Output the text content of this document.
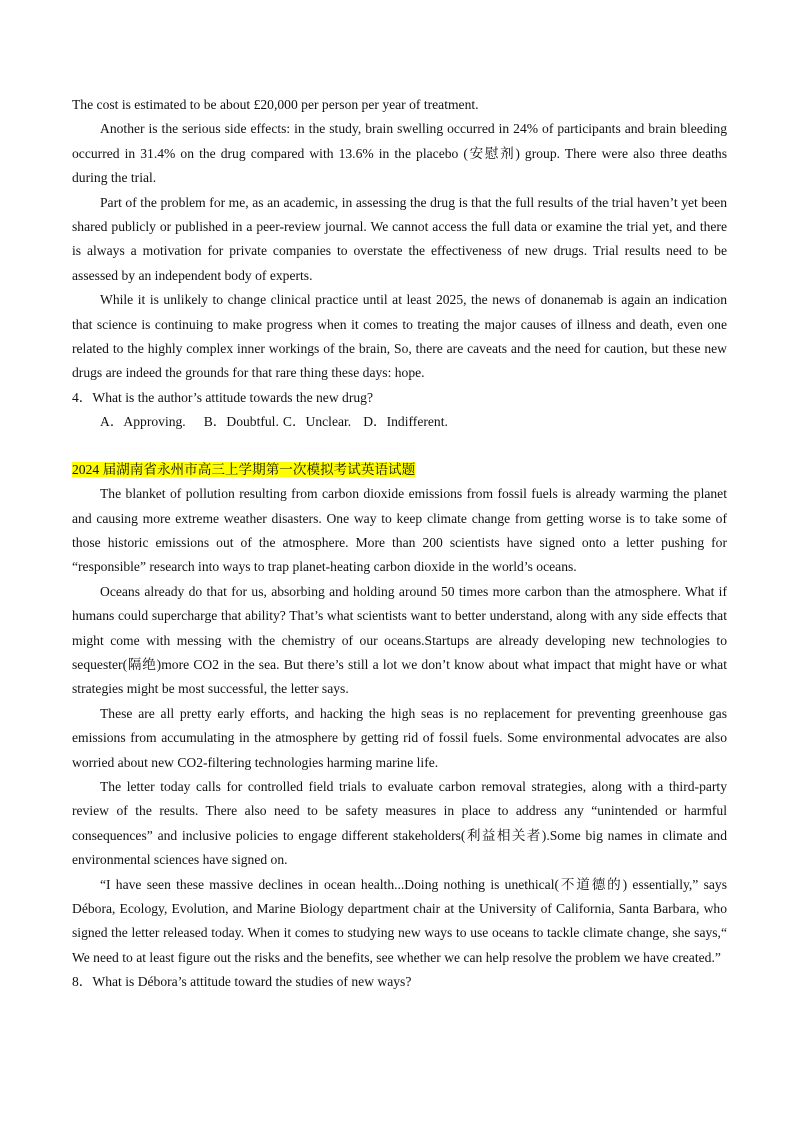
The cost is estimated to be about £20,000 per person per year of treatment.

Another is the serious side effects: in the study, brain swelling occurred in 24% of participants and brain bleeding occurred in 31.4% on the drug compared with 13.6% in the placebo (安慰剂) group. There were also three deaths during the trial.

Part of the problem for me, as an academic, in assessing the drug is that the full results of the trial haven’t yet been shared publicly or published in a peer-review journal. We cannot access the full data or examine the trial yet, and there is always a motivation for private companies to overstate the effectiveness of new drugs. Trial results need to be assessed by an independent body of experts.

While it is unlikely to change clinical practice until at least 2025, the news of donanemab is again an indication that science is continuing to make progress when it comes to treating the major causes of illness and death, even one related to the highly complex inner workings of the brain, So, there are caveats and the need for caution, but these new drugs are indeed the grounds for that rare thing these days: hope.

4．What is the author’s attitude towards the new drug?

A．Approving. B．Doubtful. C．Unclear. D．Indifferent.

2024 届湖南省永州市高三上学期第一次模拟考试英语试题

The blanket of pollution resulting from carbon dioxide emissions from fossil fuels is already warming the planet and causing more extreme weather disasters. One way to keep climate change from getting worse is to take some of those historic emissions out of the atmosphere. More than 200 scientists have signed onto a letter pushing for “responsible” research into ways to trap planet-heating carbon dioxide in the world’s oceans.

Oceans already do that for us, absorbing and holding around 50 times more carbon than the atmosphere. What if humans could supercharge that ability? That’s what scientists want to better understand, along with any side effects that might come with messing with the chemistry of our oceans.Startups are already developing new technologies to sequester(隔绝)more CO2 in the sea. But there’s still a lot we don’t know about what impact that might have or what strategies might be most successful, the letter says.

These are all pretty early efforts, and hacking the high seas is no replacement for preventing greenhouse gas emissions from accumulating in the atmosphere by getting rid of fossil fuels. Some environmental advocates are also worried about new CO2-filtering technologies harming marine life.

The letter today calls for controlled field trials to evaluate carbon removal strategies, along with a third-party review of the results. There also need to be safety measures in place to address any “unintended or harmful consequences” and inclusive policies to engage different stakeholders(利益相关者).Some big names in climate and environmental sciences have signed on.

“I have seen these massive declines in ocean health...Doing nothing is unethical(不道德的) essentially,” says Débora, Ecology, Evolution, and Marine Biology department chair at the University of California, Santa Barbara, who signed the letter released today. When it comes to studying new ways to use oceans to tackle climate change, she says,“ We need to at least figure out the risks and the benefits, see whether we can help resolve the problem we have created.”

8．What is Débora’s attitude toward the studies of new ways?
